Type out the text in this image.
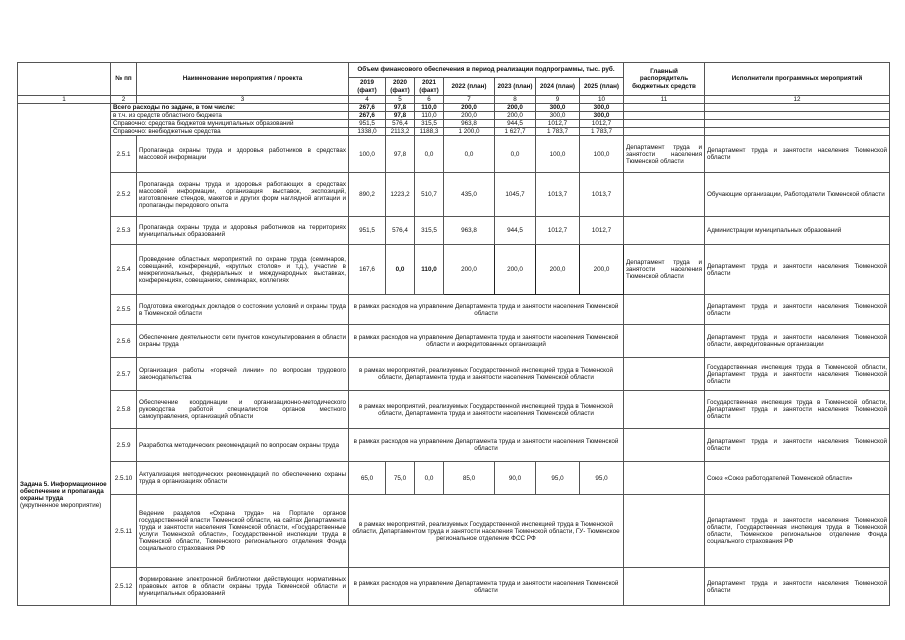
	№ пп	Наименование мероприятия / проекта	Объем финансового обеспечения в период реализации подпрограммы, тыс. руб.							Главный распорядитель бюджетных средств	Исполнители программных мероприятий
			2019 (факт)	2020 (факт)	2021 (факт)	2022 (план)	2023 (план)	2024 (план)	2025 (план)		
1	2	3	4	5	6	7	8	9	10	11	12

Задача 5. Информационное обеспечение и пропаганда охраны труда
(укрупненное мероприятие)	Всего расходы по задаче, в том числе:		267,6	97,8	110,0	200,0	200,0	300,0	300,0		
	в т.ч. из средств областного бюджета		267,6	97,8	110,0	200,0	200,0	300,0	300,0		
	Справочно: средства бюджетов муниципальных образований		951,5	576,4	315,5	963,8	944,5	1012,7	1012,7		
	Справочно: внебюджетные средства		1338,0	2113,2	1188,3	1 200,0	1 627,7	1 783,7	1 783,7		
	2.5.1	Пропаганда охраны труда и здоровья работников в средствах массовой информации	100,0	97,8	0,0	0,0	0,0	100,0	100,0	Департамент труда и занятости населения Тюменской области	Департамент труда и занятости населения Тюменской области
	2.5.2	Пропаганда охраны труда и здоровья работающих в средствах массовой информации, организация выставок, экспозиций, изготовление стендов, макетов и других форм наглядной агитации и пропаганды передового опыта	890,2	1223,2	510,7	435,0	1045,7	1013,7	1013,7		Обучающие организации, Работодатели Тюменской области
	2.5.3	Пропаганда охраны труда и здоровья работников на территориях муниципальных образований	951,5	576,4	315,5	963,8	944,5	1012,7	1012,7		Администрации муниципальных образований
	2.5.4	Проведение областных мероприятий по охране труда (семинаров, совещаний, конференций, «круглых столов» и т.д.), участие в межрегиональных, федеральных и международных выставках, конференциях, совещаниях, семинарах, коллегиях	167,6	0,0	110,0	200,0	200,0	200,0	200,0	Департамент труда и занятости населения Тюменской области	Департамент труда и занятости населения Тюменской области
	2.5.5	Подготовка ежегодных докладов о состоянии условий и охраны труда в Тюменской области	в рамках расходов на управление Департамента труда и занятости населения Тюменской области								Департамент труда и занятости населения Тюменской области
	2.5.6	Обеспечение деятельности сети пунктов консультирования в области охраны труда	в рамках расходов на управление Департамента труда и занятости населения Тюменской области и аккредитованных организаций								Департамент труда и занятости населения Тюменской области, аккредитованные организации
	2.5.7	Организация работы «горячей линии» по вопросам трудового законодательства	в рамках мероприятий, реализуемых Государственной инспекцией труда в Тюменской области, Департамента труда и занятости населения Тюменской области								Государственная инспекция труда в Тюменской области, Департамент труда и занятости населения Тюменской области
	2.5.8	Обеспечение координации и организационно-методического руководства работой специалистов органов местного самоуправления, организаций области	в рамках мероприятий, реализуемых Государственной инспекцией труда в Тюменской области, Департамента труда и занятости населения Тюменской области								Государственная инспекция труда в Тюменской области, Департамент труда и занятости населения Тюменской области
	2.5.9	Разработка методических рекомендаций по вопросам охраны труда	в рамках расходов на управление Департамента труда и занятости населения Тюменской области								Департамент труда и занятости населения Тюменской области
	2.5.10	Актуализация методических рекомендаций по обеспечению охраны труда в организациях области	65,0	75,0	0,0	85,0	90,0	95,0	95,0		Союз «Союз работодателей Тюменской области»
	2.5.11	Ведение разделов «Охрана труда» на Портале органов государственной власти Тюменской области, на сайтах Департамента труда и занятости населения Тюменской области, «Государственные услуги Тюменской области», Государственной инспекции труда в Тюменской области, Тюменского регионального отделения Фонда социального страхования РФ	в рамках мероприятий, реализуемых Государственной инспекцией труда в Тюменской области, Департаментом труда и занятости населения Тюменской области, ГУ- Тюменское региональное отделение ФСС РФ								Департамент труда и занятости населения Тюменской области, Государственная инспекция труда в Тюменской области, Тюменское региональное отделение Фонда социального страхования РФ
	2.5.12	Формирование электронной библиотеки действующих нормативных правовых актов в области охраны труда Тюменской области и муниципальных образований	в рамках расходов на управление Департамента труда и занятости населения Тюменской области								Департамент труда и занятости населения Тюменской области
